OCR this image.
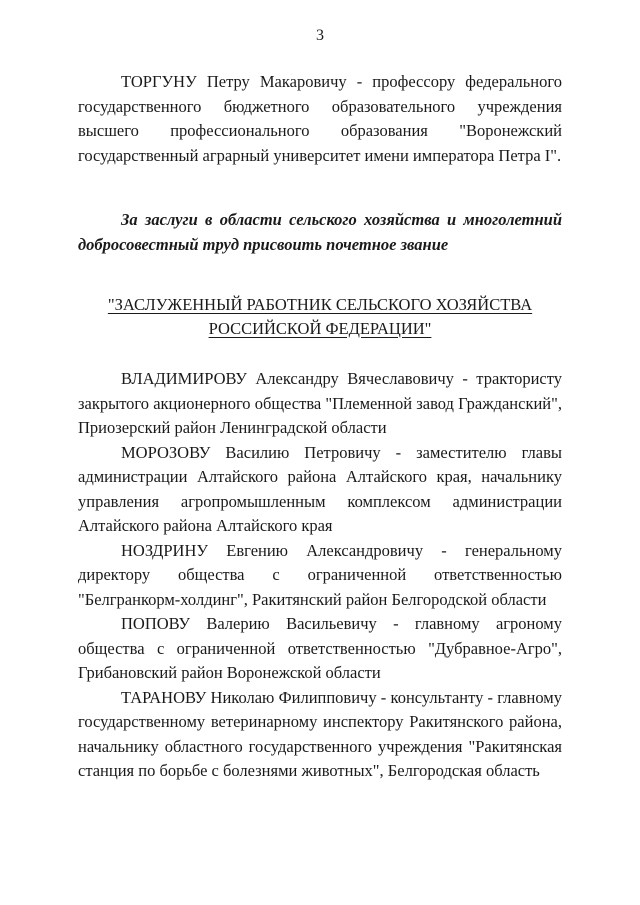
3

ТОРГУНУ Петру Макаровичу - профессору федерального государственного бюджетного образовательного учреждения высшего профессионального образования "Воронежский государственный аграрный университет имени императора Петра I".

За заслуги в области сельского хозяйства и многолетний добросовестный труд присвоить почетное звание

"ЗАСЛУЖЕННЫЙ РАБОТНИК СЕЛЬСКОГО ХОЗЯЙСТВА
РОССИЙСКОЙ ФЕДЕРАЦИИ"

ВЛАДИМИРОВУ Александру Вячеславовичу - трактористу закрытого акционерного общества "Племенной завод Гражданский", Приозерский район Ленинградской области

МОРОЗОВУ Василию Петровичу - заместителю главы администрации Алтайского района Алтайского края, начальнику управления агропромышленным комплексом администрации Алтайского района Алтайского края

НОЗДРИНУ Евгению Александровичу - генеральному директору общества с ограниченной ответственностью "Белгранкорм-холдинг", Ракитянский район Белгородской области

ПОПОВУ Валерию Васильевичу - главному агроному общества с ограниченной ответственностью "Дубравное-Агро", Грибановский район Воронежской области

ТАРАНОВУ Николаю Филипповичу - консультанту - главному государственному ветеринарному инспектору Ракитянского района, начальнику областного государственного учреждения "Ракитянская станция по борьбе с болезнями животных", Белгородская область
